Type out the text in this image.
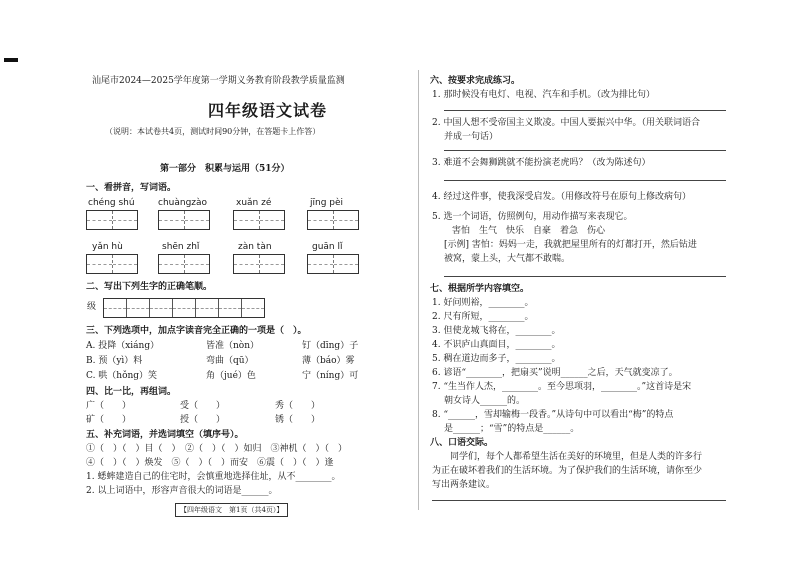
汕尾市2024—2025学年度第一学期义务教育阶段教学质量监测
四年级语文试卷
（说明：本试卷共4页，测试时间90分钟，在答题卡上作答）
第一部分　积累与运用（51分）
一、看拼音，写词语。
chéng shú	chuàngzào	xuǎn zé	jīng pèi
yǎn hù	shēn zhǐ	zàn tàn	guān lǐ
二、写出下列生字的正确笔顺。
级
三、下列选项中，加点字读音完全正确的一项是（　）。
A. 投降（xiáng）	皆准（nòn）	钉（dīng）子
B. 预（yì）料	弯曲（qū）	薄（báo）雾
C. 哄（hǒng）笑	角（jué）色	宁（níng）可
四、比一比，再组词。
广（　　）	受（　　）	秀（　　）
矿（　　）	授（　　）	锈（　　）
五、补充词语，并选词填空（填序号）。
①（　）（　）目（　）　②（　）（　）如归　③神机（　）（　）
④（　）（　）焕发　⑤（　）（　）而安　⑥震（　）（　）逢
1. 蟋蟀建造自己的住宅时，会慎重地选择住址，从不________。
2. 以上词语中，形容声音很大的词语是______。
【四年级语文　第1页（共4页）】
六、按要求完成练习。
1. 那时候没有电灯、电视、汽车和手机。（改为排比句）
2. 中国人想不受帝国主义欺凌。中国人要振兴中华。（用关联词语合
并成一句话）
3. 难道不会舞狮跳就不能扮演老虎吗？（改为陈述句）
4. 经过这件事，使我深受启发。（用修改符号在原句上修改病句）
5. 选一个词语，仿照例句，用动作描写来表现它。
害怕　生气　快乐　自豪　着急　伤心
[示例] 害怕：妈妈一走，我就把屋里所有的灯都打开，然后钻进
被窝，蒙上头，大气都不敢喘。
七、根据所学内容填空。
1. 好问则裕，________。
2. 尺有所短，________。
3. 但使龙城飞将在，________。
4. 不识庐山真面目，________。
5. 稠在道边而多子，________。
6. 谚语“________，把扇买”说明______之后，天气就变凉了。
7. “生当作人杰，________。至今思项羽，________。”这首诗是宋
朝女诗人______的。
8. “______，雪却输梅一段香。”从诗句中可以看出“梅”的特点
是______；“雪”的特点是______。
八、口语交际。
同学们，每个人都希望生活在美好的环境里，但是人类的许多行
为正在破坏着我们的生活环境。为了保护我们的生活环境，请你至少
写出两条建议。
